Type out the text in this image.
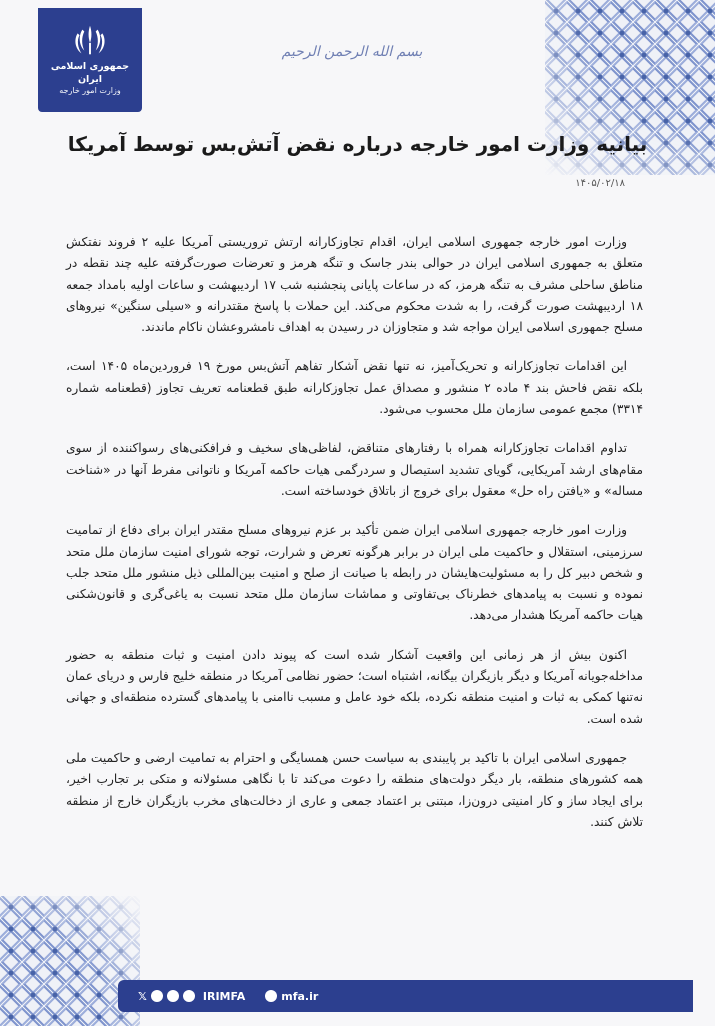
جمهوری اسلامی ایران
وزارت امور خارجه
بسم الله الرحمن الرحیم
بیانیه وزارت امور خارجه درباره نقض آتش‌بس توسط آمریکا
۱۴۰۵/۰۲/۱۸

وزارت امور خارجه جمهوری اسلامی ایران، اقدام تجاوزکارانه ارتش تروریستی آمریکا علیه ۲ فروند نفتکش متعلق به جمهوری اسلامی ایران در حوالی بندر جاسک و تنگه هرمز و تعرضات صورت‌گرفته علیه چند نقطه در مناطق ساحلی مشرف به تنگه هرمز، که در ساعات پایانی پنجشنبه شب ۱۷ اردیبهشت و ساعات اولیه بامداد جمعه ۱۸ اردیبهشت صورت گرفت، را به شدت محکوم می‌کند. این حملات با پاسخ مقتدرانه و «سیلی سنگین» نیروهای مسلح جمهوری اسلامی ایران مواجه شد و متجاوزان در رسیدن به اهداف نامشروعشان ناکام ماندند.

این اقدامات تجاوزکارانه و تحریک‌آمیز، نه تنها نقض آشکار تفاهم آتش‌بس مورخ ۱۹ فروردین‌ماه ۱۴۰۵ است، بلکه نقض فاحش بند ۴ ماده ۲ منشور و مصداق عمل تجاوزکارانه طبق قطعنامه تعریف تجاوز (قطعنامه شماره ۳۳۱۴) مجمع عمومی سازمان ملل محسوب می‌شود.

تداوم اقدامات تجاوزکارانه همراه با رفتارهای متناقض، لفاظی‌های سخیف و فرافکنی‌های رسواکننده از سوی مقام‌های ارشد آمریکایی، گویای تشدید استیصال و سردرگمی هیات حاکمه آمریکا و ناتوانی مفرط آنها در «شناخت مساله» و «یافتن راه حل» معقول برای خروج از باتلاق خودساخته است.

وزارت امور خارجه جمهوری اسلامی ایران ضمن تأکید بر عزم نیروهای مسلح مقتدر ایران برای دفاع از تمامیت سرزمینی، استقلال و حاکمیت ملی ایران در برابر هرگونه تعرض و شرارت، توجه شورای امنیت سازمان ملل متحد و شخص دبیر کل را به مسئولیت‌هایشان در رابطه با صیانت از صلح و امنیت بین‌المللی ذیل منشور ملل متحد جلب نموده و نسبت به پیامدهای خطرناک بی‌تفاوتی و مماشات سازمان ملل متحد نسبت به یاغی‌گری و قانون‌شکنی هیات حاکمه آمریکا هشدار می‌دهد.

اکنون بیش از هر زمانی این واقعیت آشکار شده است که پیوند دادن امنیت و ثبات منطقه به حضور مداخله‌جویانه آمریکا و دیگر بازیگران بیگانه، اشتباه است؛ حضور نظامی آمریکا در منطقه خلیج فارس و دریای عمان نه‌تنها کمکی به ثبات و امنیت منطقه نکرده، بلکه خود عامل و مسبب ناامنی با پیامدهای گسترده منطقه‌ای و جهانی شده است.

جمهوری اسلامی ایران با تاکید بر پایبندی به سیاست حسن همسایگی و احترام به تمامیت ارضی و حاکمیت ملی همه کشورهای منطقه، بار دیگر دولت‌های منطقه را دعوت می‌کند تا با نگاهی مسئولانه و متکی بر تجارب اخیر، برای ایجاد ساز و کار امنیتی درون‌زا، مبتنی بر اعتماد جمعی و عاری از دخالت‌های مخرب بازیگران خارج از منطقه تلاش کنند.

𝕏	IRIMFA	mfa.ir
